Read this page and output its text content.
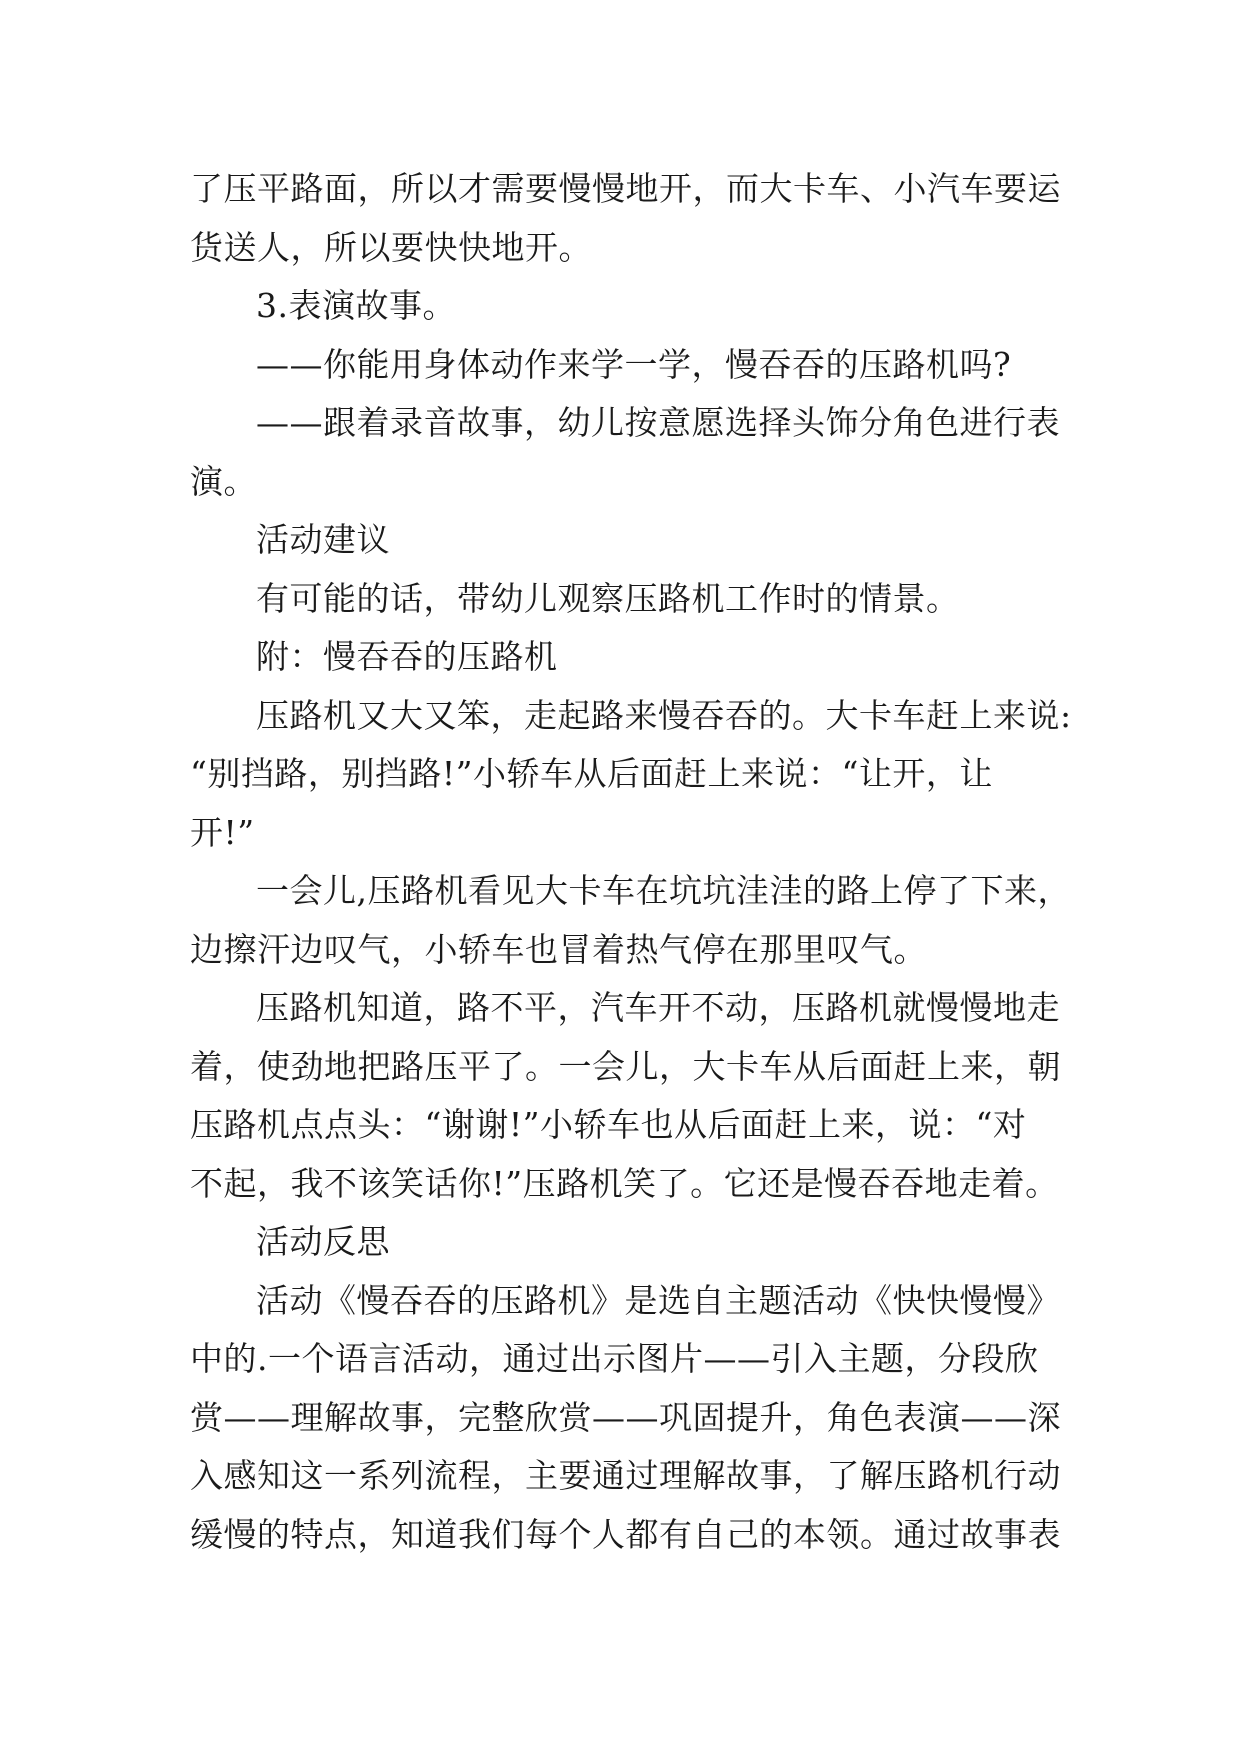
了压平路面，所以才需要慢慢地开，而大卡车、小汽车要运
货送人，所以要快快地开。
3.表演故事。
——你能用身体动作来学一学，慢吞吞的压路机吗?
——跟着录音故事，幼儿按意愿选择头饰分角色进行表
演。
活动建议
有可能的话，带幼儿观察压路机工作时的情景。
附：慢吞吞的压路机
压路机又大又笨，走起路来慢吞吞的。大卡车赶上来说:
“别挡路，别挡路!”小轿车从后面赶上来说：“让开，让
开!”
一会儿,压路机看见大卡车在坑坑洼洼的路上停了下来，
边擦汗边叹气，小轿车也冒着热气停在那里叹气。
压路机知道，路不平，汽车开不动，压路机就慢慢地走
着，使劲地把路压平了。一会儿，大卡车从后面赶上来，朝
压路机点点头：“谢谢!”小轿车也从后面赶上来，说：“对
不起，我不该笑话你!”压路机笑了。它还是慢吞吞地走着。
活动反思
活动《慢吞吞的压路机》是选自主题活动《快快慢慢》
中的.一个语言活动，通过出示图片——引入主题，分段欣
赏——理解故事，完整欣赏——巩固提升，角色表演——深
入感知这一系列流程，主要通过理解故事，了解压路机行动
缓慢的特点，知道我们每个人都有自己的本领。通过故事表
